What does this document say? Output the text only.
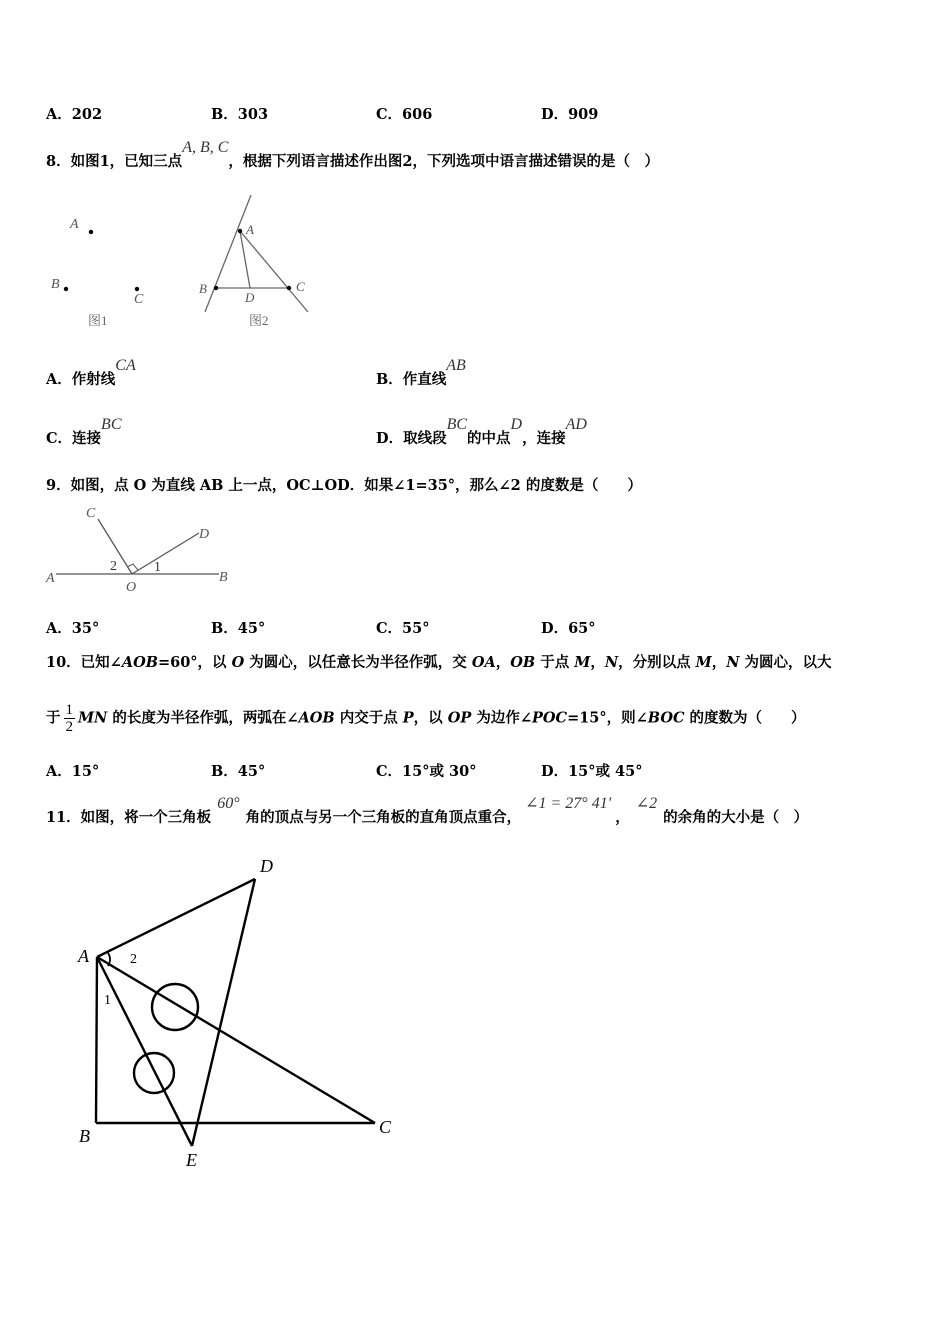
A．202	B．303	C．606	D．909
8．如图1，已知三点A, B, C，根据下列语言描述作出图2，下列选项中语言描述错误的是（　）
A
B
C
图1
A
B
D
C
图2
A．作射线CA
B．作直线AB
C．连接BC
D．取线段BC的中点D，连接AD
9．如图，点 O 为直线 AB 上一点，OC⊥OD．如果∠1=35°，那么∠2 的度数是（　　）
C
D
2	1
A
O
B
A．35°	B．45°	C．55°	D．65°
10．已知∠AOB=60°，以 O 为圆心，以任意长为半径作弧，交 OA，OB 于点 M，N，分别以点 M，N 为圆心，以大
于 $\frac{1}{2}$ MN 的长度为半径作弧，两弧在∠AOB 内交于点 P，以 OP 为边作∠POC=15°，则∠BOC 的度数为（　　）
A．15°	B．45°	C．15°或 30°	D．15°或 45°
11．如图，将一个三角板60°角的顶点与另一个三角板的直角顶点重合，∠1 = 27° 41′，∠2的余角的大小是（　）
D
A	2
1
B
E
C
